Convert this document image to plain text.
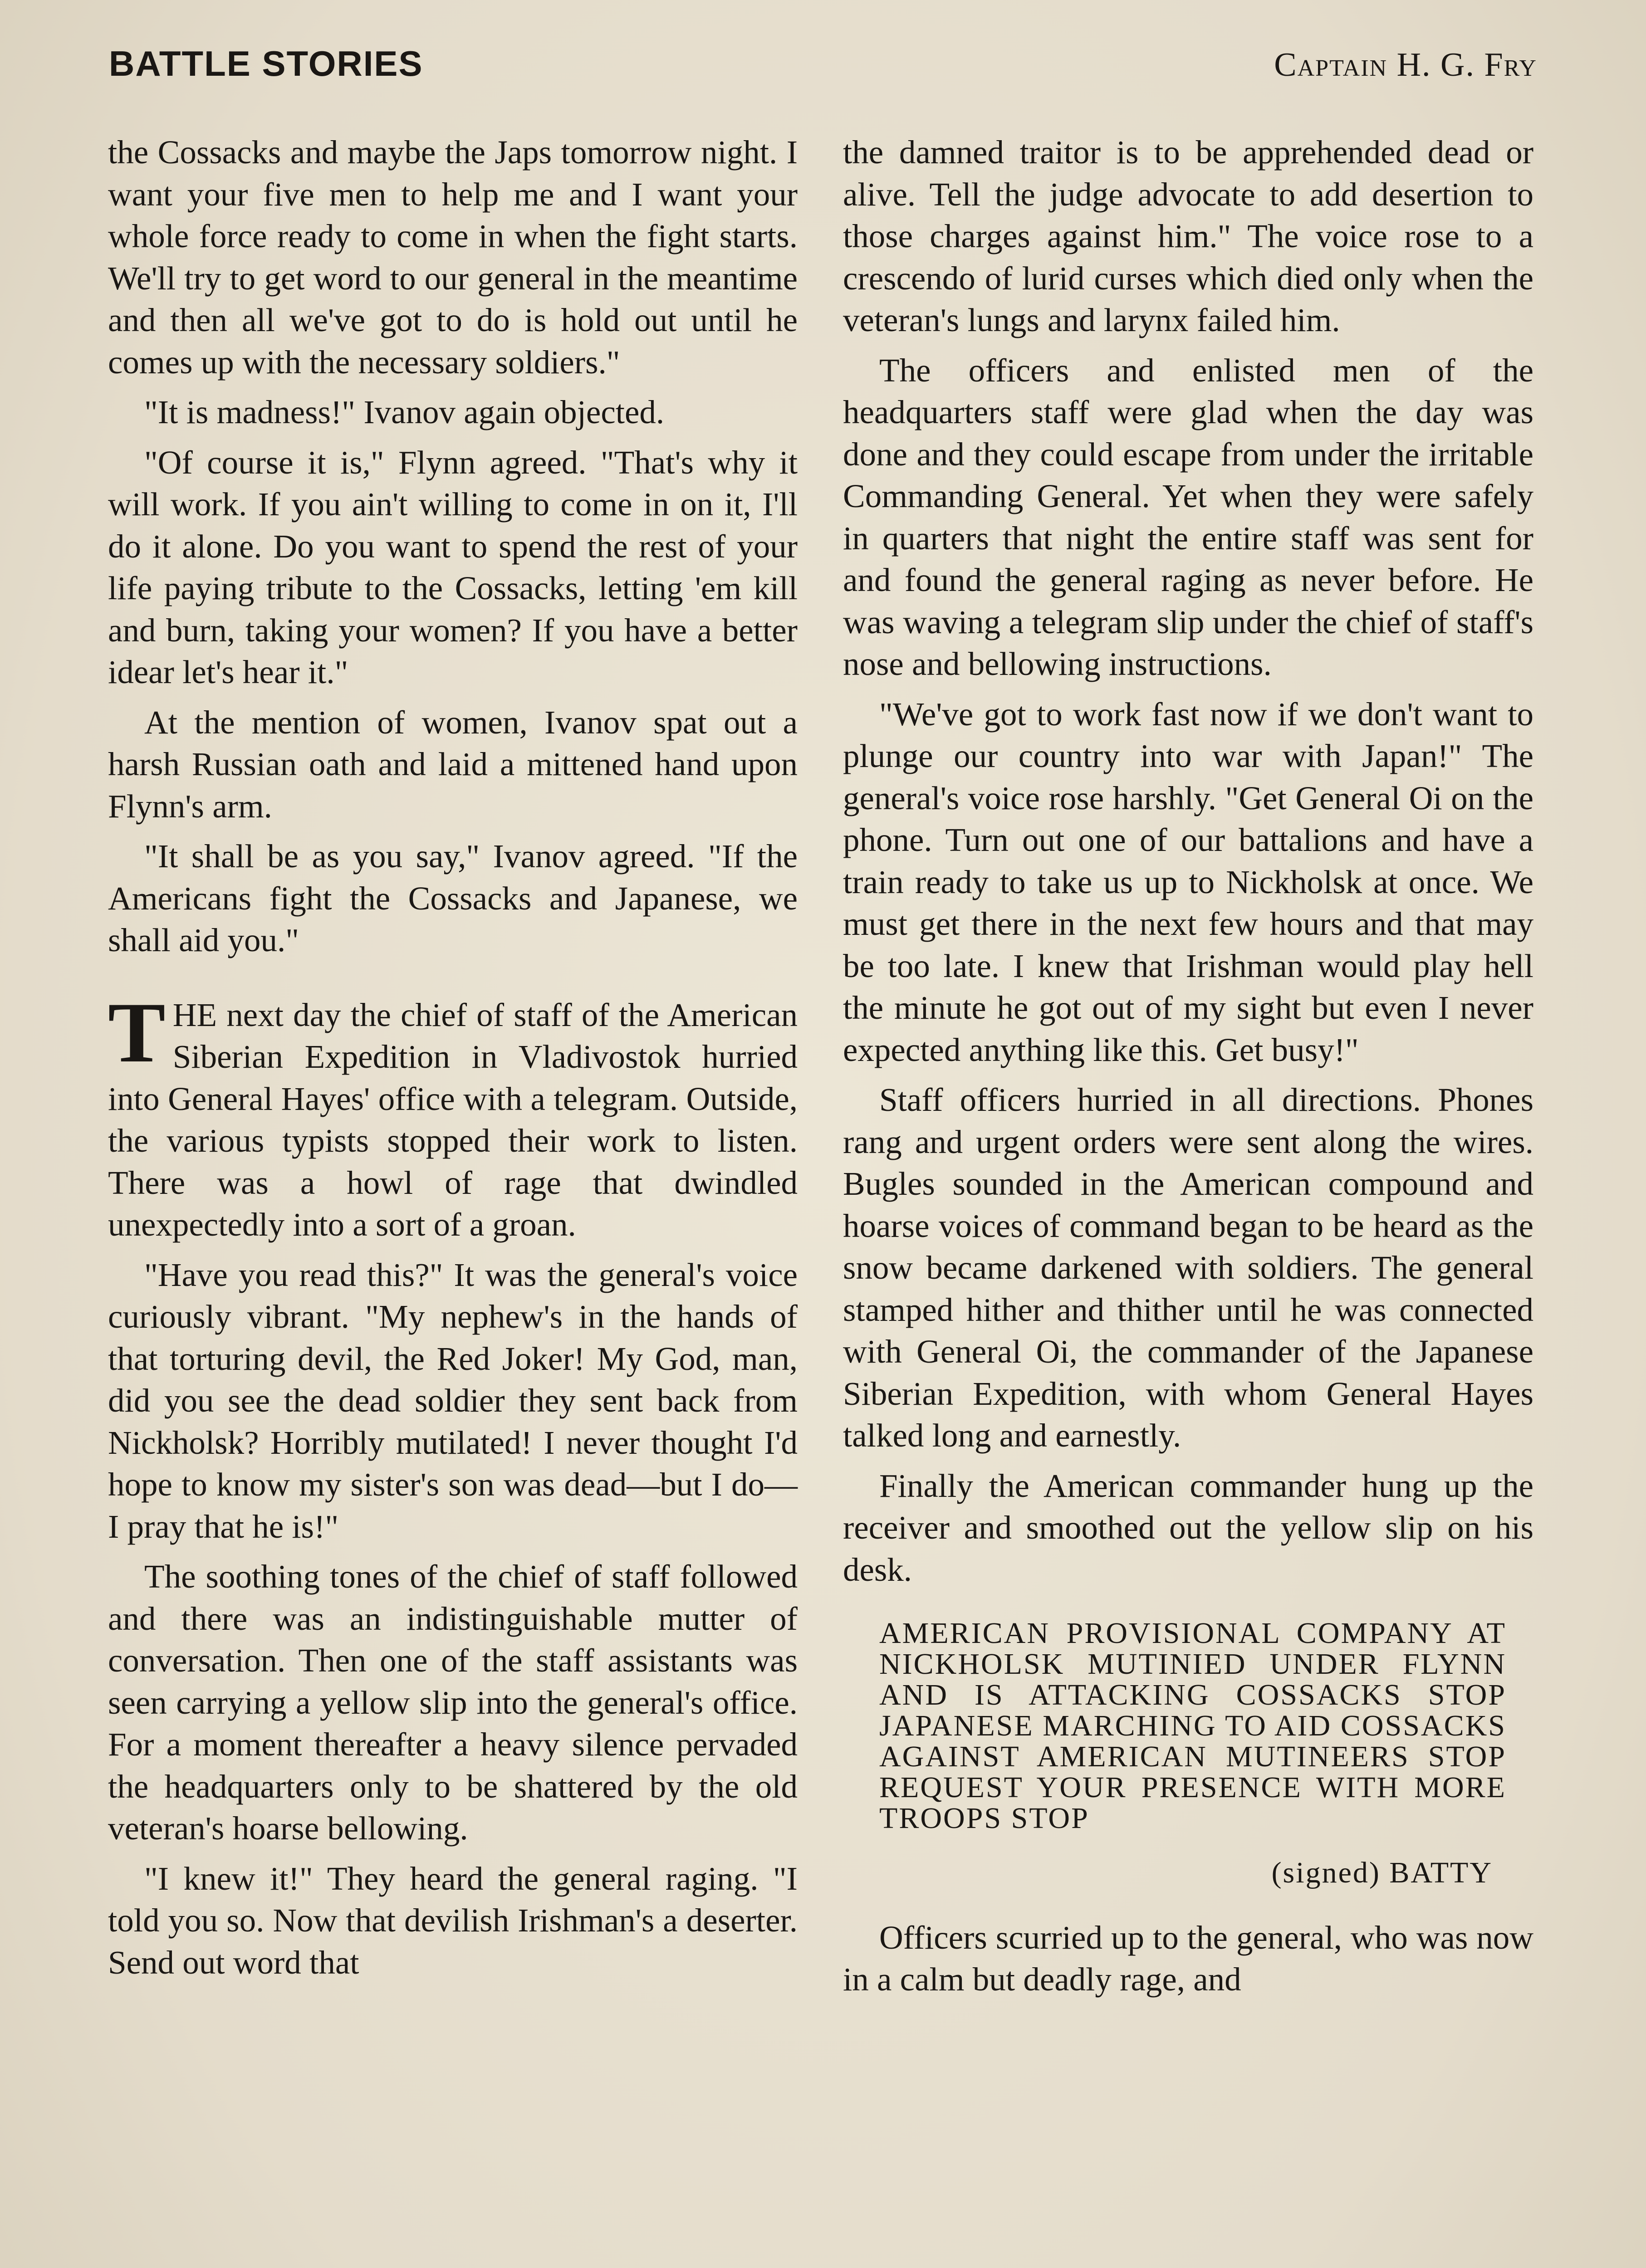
BATTLE STORIES	Captain H. G. Fry

the Cossacks and maybe the Japs tomorrow night. I want your five men to help me and I want your whole force ready to come in when the fight starts. We'll try to get word to our general in the meantime and then all we've got to do is hold out until he comes up with the necessary soldiers."

"It is madness!" Ivanov again objected.

"Of course it is," Flynn agreed. "That's why it will work. If you ain't willing to come in on it, I'll do it alone. Do you want to spend the rest of your life paying tribute to the Cossacks, letting 'em kill and burn, taking your women? If you have a better idear let's hear it."

At the mention of women, Ivanov spat out a harsh Russian oath and laid a mittened hand upon Flynn's arm.

"It shall be as you say," Ivanov agreed. "If the Americans fight the Cossacks and Japanese, we shall aid you."

THE next day the chief of staff of the American Siberian Expedition in Vladivostok hurried into General Hayes' office with a telegram. Outside, the various typists stopped their work to listen. There was a howl of rage that dwindled unexpectedly into a sort of a groan.

"Have you read this?" It was the general's voice curiously vibrant. "My nephew's in the hands of that torturing devil, the Red Joker! My God, man, did you see the dead soldier they sent back from Nickholsk? Horribly mutilated! I never thought I'd hope to know my sister's son was dead—but I do—I pray that he is!"

The soothing tones of the chief of staff followed and there was an indistinguishable mutter of conversation. Then one of the staff assistants was seen carrying a yellow slip into the general's office. For a moment thereafter a heavy silence pervaded the headquarters only to be shattered by the old veteran's hoarse bellowing.

"I knew it!" They heard the general raging. "I told you so. Now that devilish Irishman's a deserter. Send out word that

the damned traitor is to be apprehended dead or alive. Tell the judge advocate to add desertion to those charges against him." The voice rose to a crescendo of lurid curses which died only when the veteran's lungs and larynx failed him.

The officers and enlisted men of the headquarters staff were glad when the day was done and they could escape from under the irritable Commanding General. Yet when they were safely in quarters that night the entire staff was sent for and found the general raging as never before. He was waving a telegram slip under the chief of staff's nose and bellowing instructions.

"We've got to work fast now if we don't want to plunge our country into war with Japan!" The general's voice rose harshly. "Get General Oi on the phone. Turn out one of our battalions and have a train ready to take us up to Nickholsk at once. We must get there in the next few hours and that may be too late. I knew that Irishman would play hell the minute he got out of my sight but even I never expected anything like this. Get busy!"

Staff officers hurried in all directions. Phones rang and urgent orders were sent along the wires. Bugles sounded in the American compound and hoarse voices of command began to be heard as the snow became darkened with soldiers. The general stamped hither and thither until he was connected with General Oi, the commander of the Japanese Siberian Expedition, with whom General Hayes talked long and earnestly.

Finally the American commander hung up the receiver and smoothed out the yellow slip on his desk.

AMERICAN PROVISIONAL COMPANY AT NICKHOLSK MUTINIED UNDER FLYNN AND IS ATTACKING COSSACKS STOP JAPANESE MARCHING TO AID COSSACKS AGAINST AMERICAN MUTINEERS STOP REQUEST YOUR PRESENCE WITH MORE TROOPS STOP
(signed) BATTY

Officers scurried up to the general, who was now in a calm but deadly rage, and
